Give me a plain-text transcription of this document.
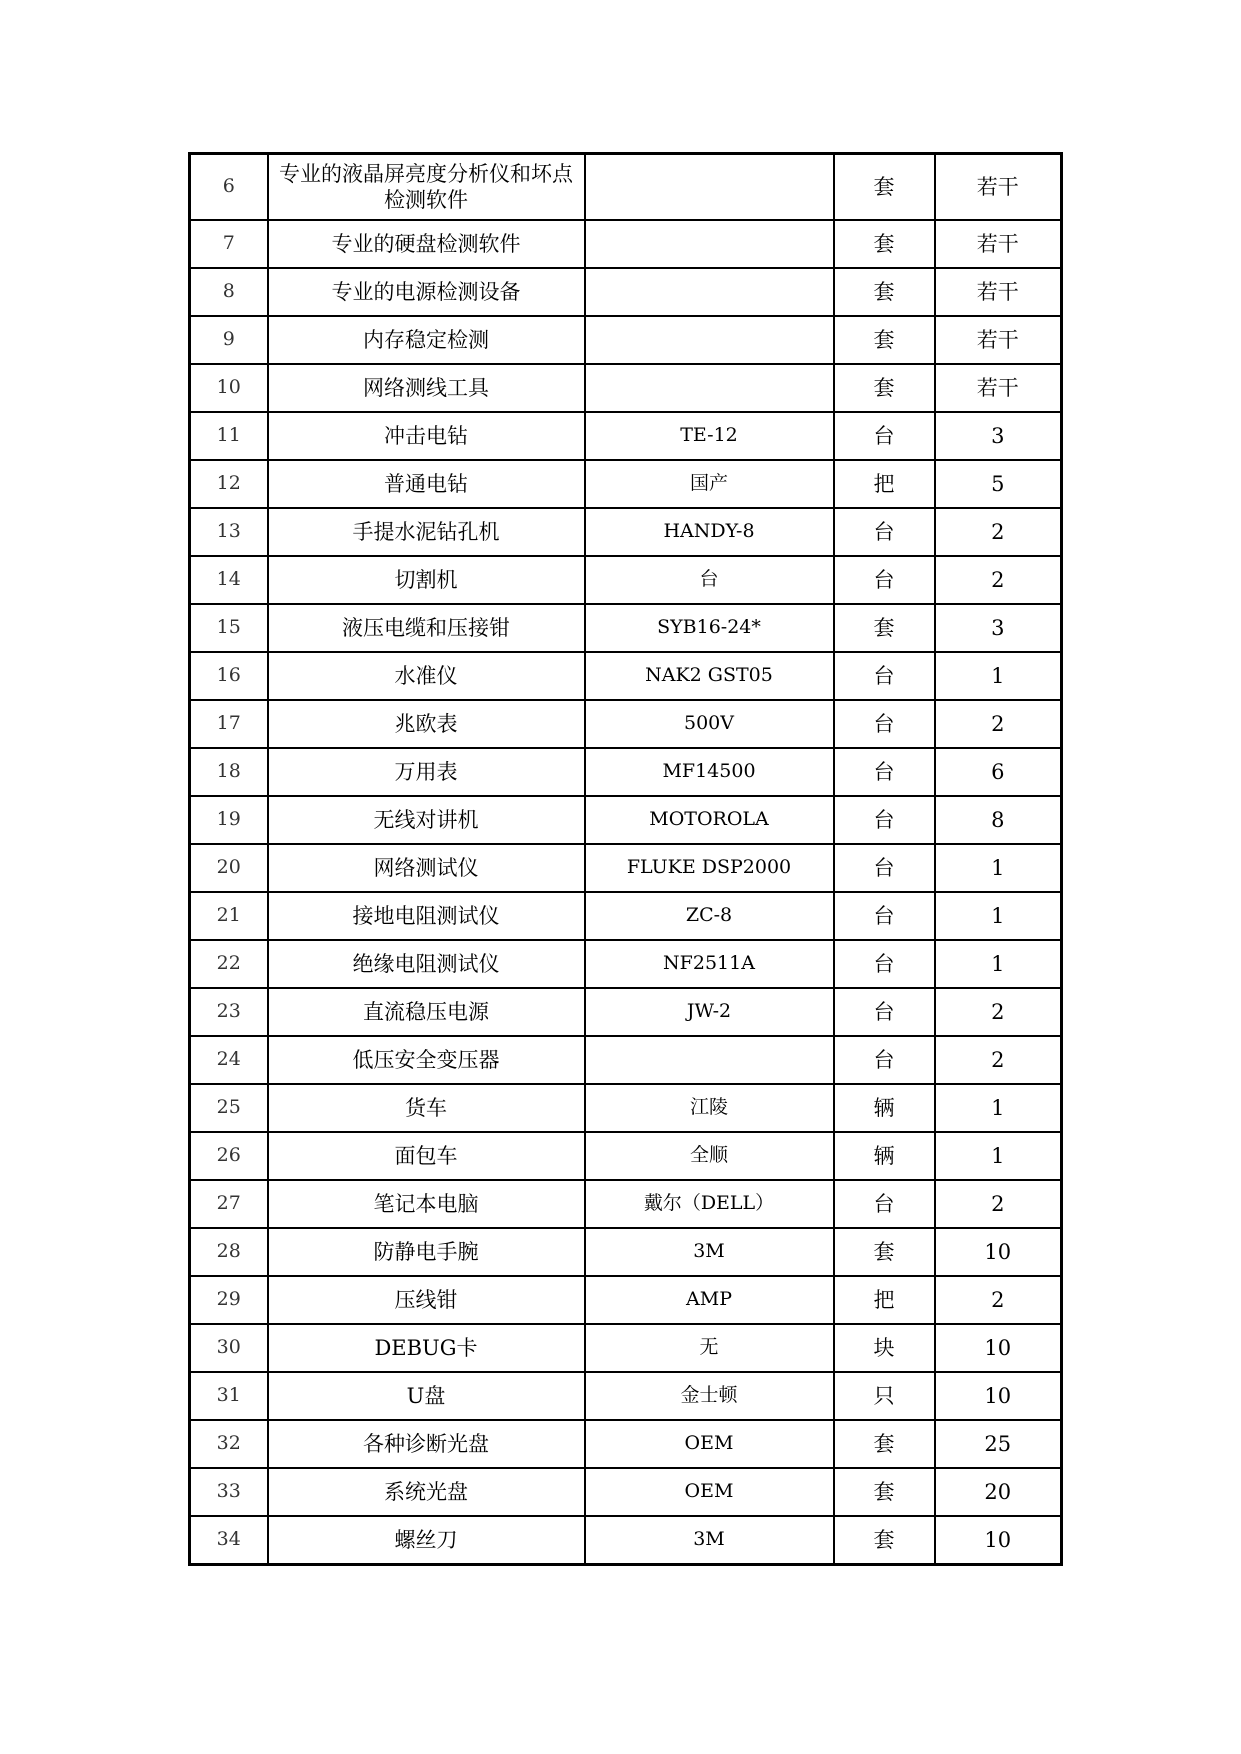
6	专业的液晶屏亮度分析仪和坏点检测软件		套	若干
7	专业的硬盘检测软件		套	若干
8	专业的电源检测设备		套	若干
9	内存稳定检测		套	若干
10	网络测线工具		套	若干
11	冲击电钻	TE-12	台	3
12	普通电钻	国产	把	5
13	手提水泥钻孔机	HANDY-8	台	2
14	切割机	台	台	2
15	液压电缆和压接钳	SYB16-24*	套	3
16	水准仪	NAK2 GST05	台	1
17	兆欧表	500V	台	2
18	万用表	MF14500	台	6
19	无线对讲机	MOTOROLA	台	8
20	网络测试仪	FLUKE DSP2000	台	1
21	接地电阻测试仪	ZC-8	台	1
22	绝缘电阻测试仪	NF2511A	台	1
23	直流稳压电源	JW-2	台	2
24	低压安全变压器		台	2
25	货车	江陵	辆	1
26	面包车	全顺	辆	1
27	笔记本电脑	戴尔（DELL）	台	2
28	防静电手腕	3M	套	10
29	压线钳	AMP	把	2
30	DEBUG卡	无	块	10
31	U盘	金士顿	只	10
32	各种诊断光盘	OEM	套	25
33	系统光盘	OEM	套	20
34	螺丝刀	3M	套	10
